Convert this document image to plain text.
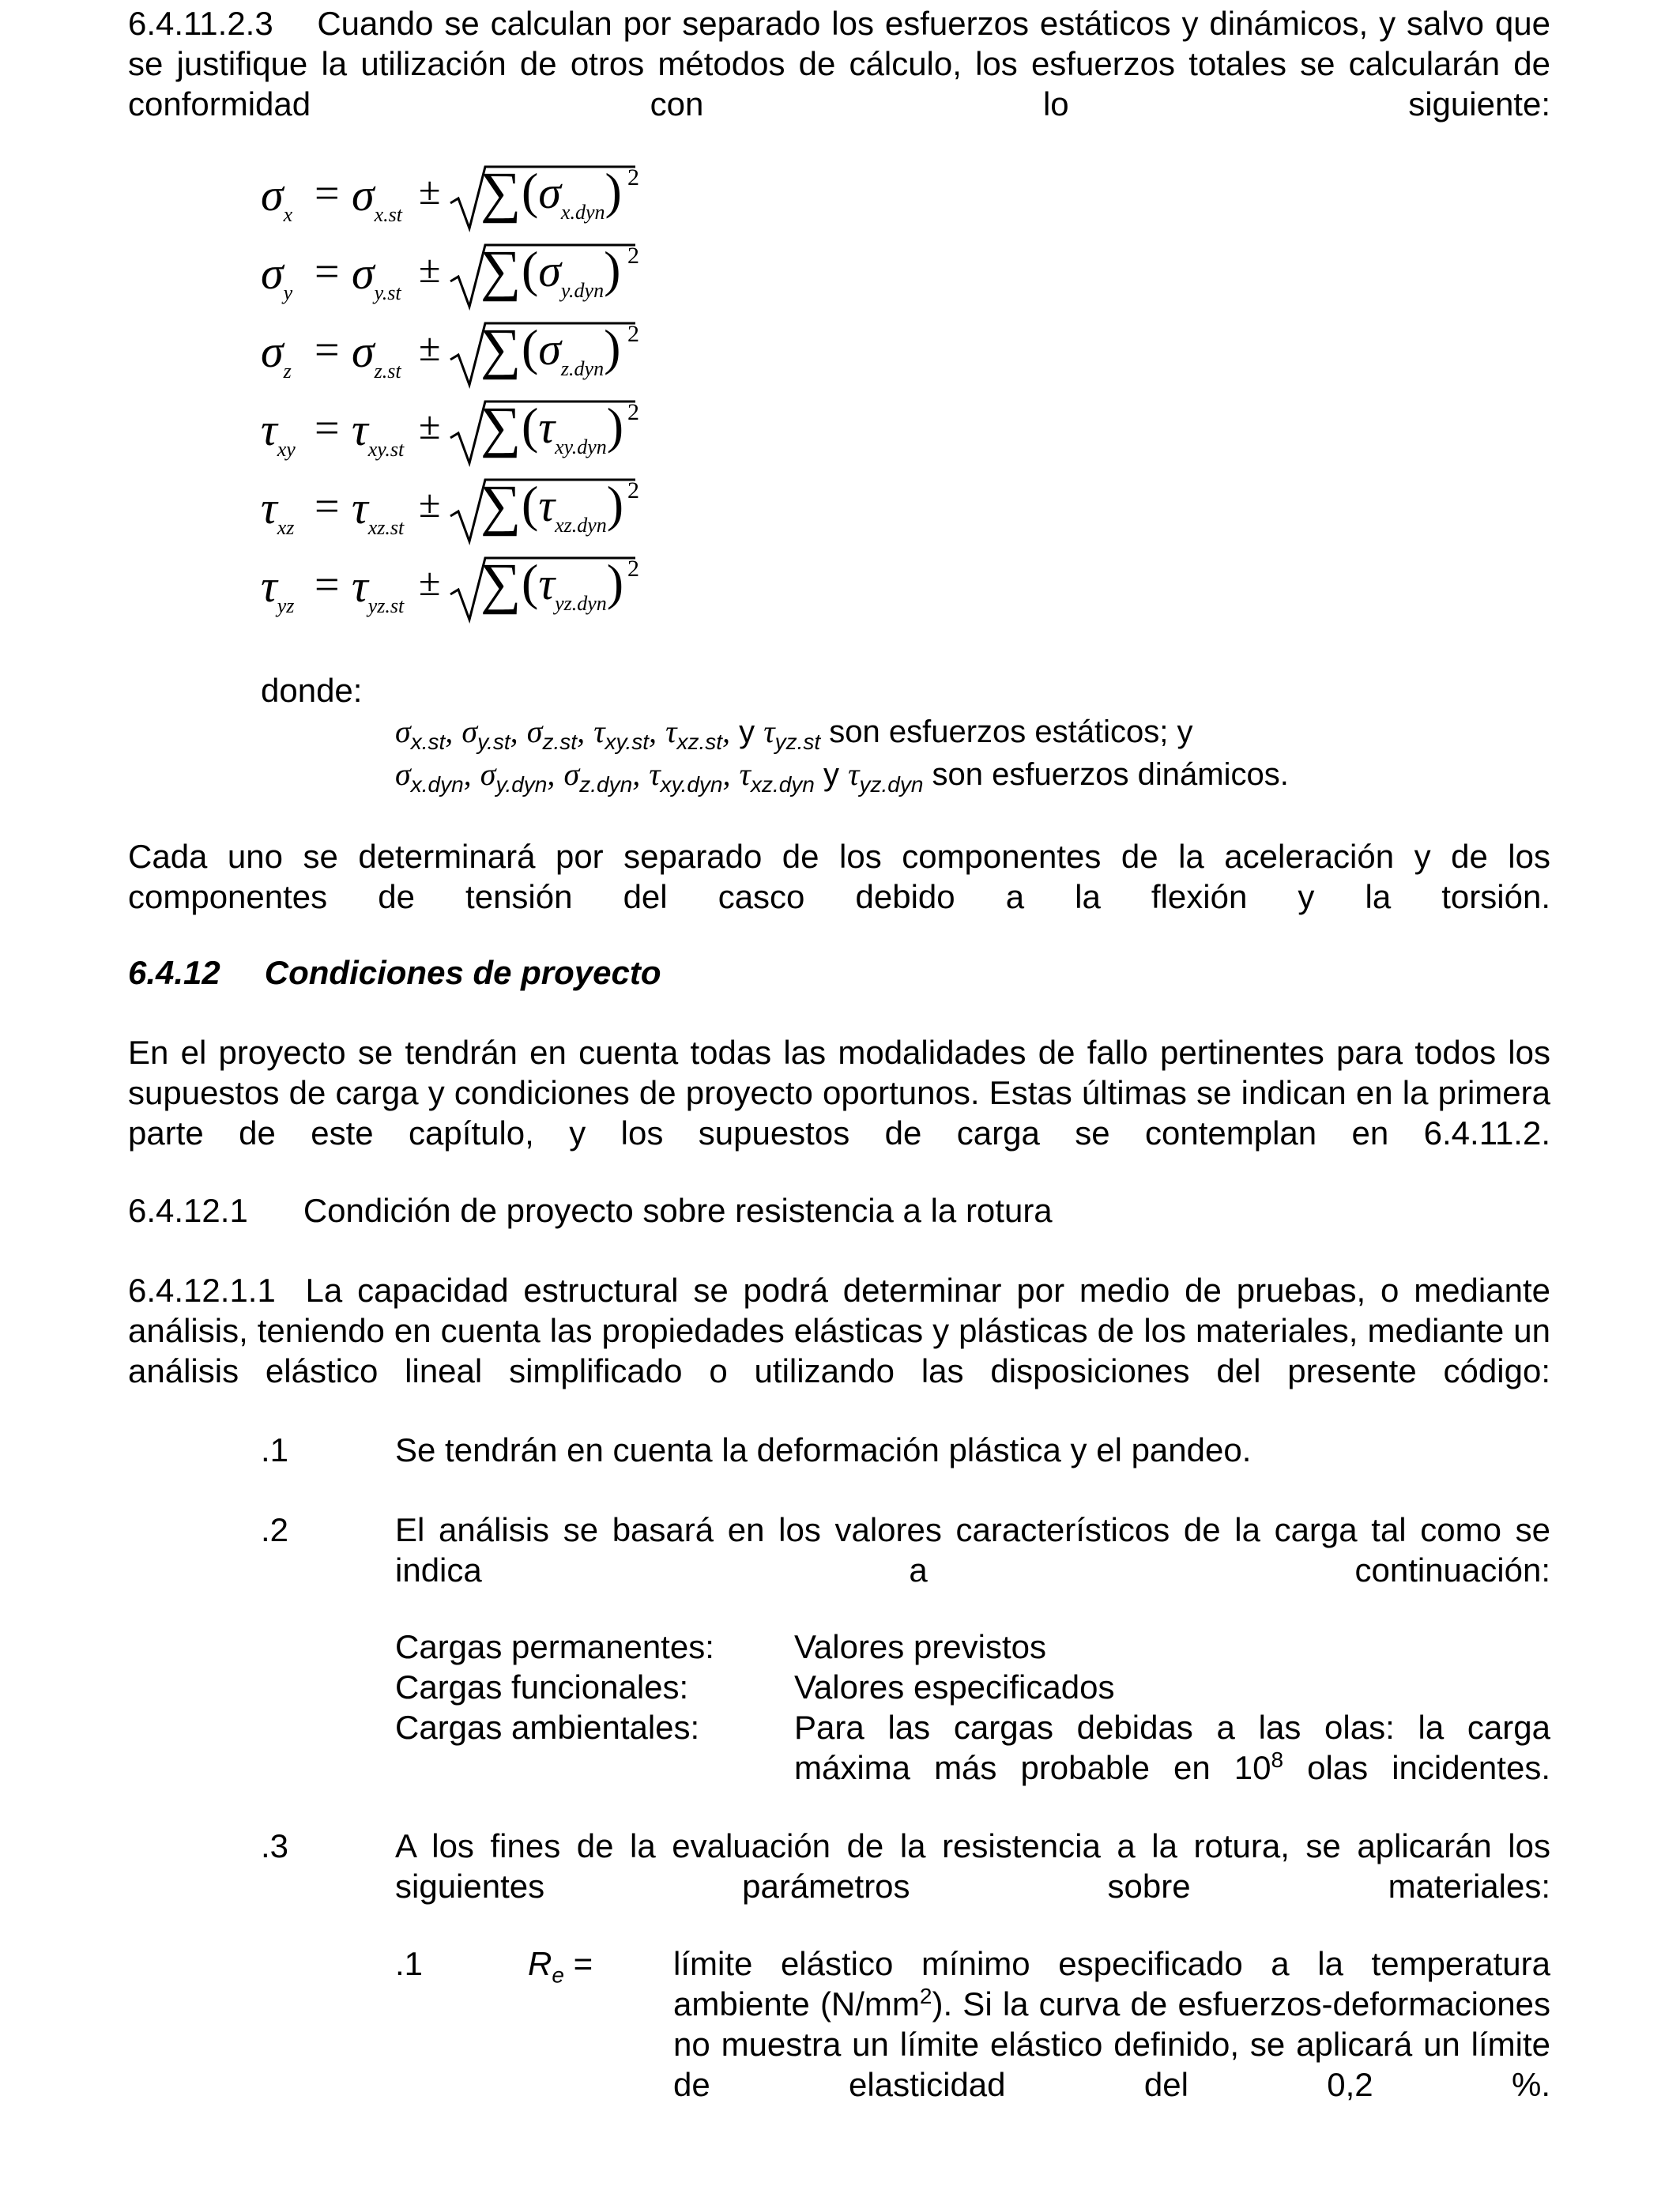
6.4.11.2.3 Cuando se calculan por separado los esfuerzos estáticos y dinámicos, y salvo que se justifique la utilización de otros métodos de cálculo, los esfuerzos totales se calcularán de conformidad con lo siguiente:
$\sigma_x = \sigma_{x.st}$
± ∑ $(\sigma_{x.dyn})$ 2
$\sigma_y = \sigma_{y.st}$
± ∑ $(\sigma_{y.dyn})$ 2
$\sigma_z = \sigma_{z.st}$
± ∑ $(\sigma_{z.dyn})$ 2
$\tau_{xy} = \tau_{xy.st}$
± ∑ $(\tau_{xy.dyn})$ 2
$\tau_{xz} = \tau_{xz.st}$
± ∑ $(\tau_{xz.dyn})$ 2
$\tau_{yz} = \tau_{yz.st}$
± ∑ $(\tau_{yz.dyn})$ 2
donde:
$\sigma_{x.st}$, $\sigma_{y.st}$, $\sigma_{z.st}$, $\tau_{xy.st}$, $\tau_{xz.st}$, y $\tau_{yz.st}$ son esfuerzos estáticos; y
$\sigma_{x.dyn}$, $\sigma_{y.dyn}$, $\sigma_{z.dyn}$, $\tau_{xy.dyn}$, $\tau_{xz.dyn}$ y $\tau_{yz.dyn}$ son esfuerzos dinámicos.
Cada uno se determinará por separado de los componentes de la aceleración y de los componentes de tensión del casco debido a la flexión y la torsión.
6.4.12 Condiciones de proyecto
En el proyecto se tendrán en cuenta todas las modalidades de fallo pertinentes para todos los supuestos de carga y condiciones de proyecto oportunos. Estas últimas se indican en la primera parte de este capítulo, y los supuestos de carga se contemplan en 6.4.11.2.
6.4.12.1 Condición de proyecto sobre resistencia a la rotura
6.4.12.1.1 La capacidad estructural se podrá determinar por medio de pruebas, o mediante análisis, teniendo en cuenta las propiedades elásticas y plásticas de los materiales, mediante un análisis elástico lineal simplificado o utilizando las disposiciones del presente código:
.1	Se tendrán en cuenta la deformación plástica y el pandeo.
.2	El análisis se basará en los valores característicos de la carga tal como se indica a continuación:
Cargas permanentes: Valores previstos
Cargas funcionales:	Valores especificados
Cargas ambientales:	Para las cargas debidas a las olas: la carga máxima más probable en $10^8$ olas incidentes.
.3	A los fines de la evaluación de la resistencia a la rotura, se aplicarán los siguientes parámetros sobre materiales:
.1	$R_e$ = límite elástico mínimo especificado a la temperatura ambiente $(N/mm^2)$. Si la curva de esfuerzos-deformaciones no muestra un límite elástico definido, se aplicará un límite de elasticidad del 0,2 %.
